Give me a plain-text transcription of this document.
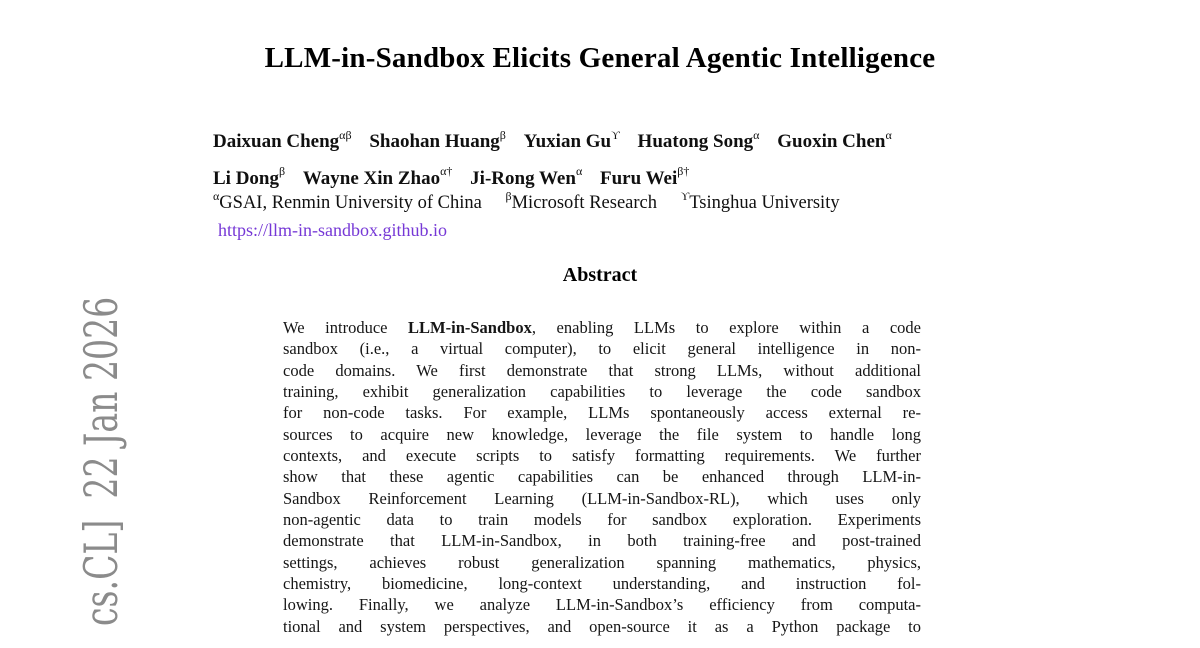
cs.CL]  22 Jan 2026

LLM-in-Sandbox Elicits General Agentic Intelligence
Daixuan Cheng$^{\alpha\beta}$ Shaohan Huang$^\beta$ Yuxian $Gu^ϒ$ Huatong Song$^\alpha$ Guoxin Chen$^\alpha$
Li Dong$^\beta$ Wayne Xin Zhao$^{\alpha\dagger}$ Ji-Rong Wen$^\alpha$ Furu Wei$^{\beta\dagger}$
$^\alpha$GSAI, Renmin University of China $^\beta$Microsoft Research $^ϒ$Tsinghua University
https://llm-in-sandbox.github.io
Abstract
We introduce LLM-in-Sandbox, enabling LLMs to explore within a code
sandbox (i.e., a virtual computer), to elicit general intelligence in non-
code domains. We first demonstrate that strong LLMs, without additional
training, exhibit generalization capabilities to leverage the code sandbox
for non-code tasks. For example, LLMs spontaneously access external re-
sources to acquire new knowledge, leverage the file system to handle long
contexts, and execute scripts to satisfy formatting requirements. We further
show that these agentic capabilities can be enhanced through LLM-in-
Sandbox Reinforcement Learning (LLM-in-Sandbox-RL), which uses only
non-agentic data to train models for sandbox exploration. Experiments
demonstrate that LLM-in-Sandbox, in both training-free and post-trained
settings, achieves robust generalization spanning mathematics, physics,
chemistry, biomedicine, long-context understanding, and instruction fol-
lowing. Finally, we analyze LLM-in-Sandbox’s efficiency from computa-
tional and system perspectives, and open-source it as a Python package to
